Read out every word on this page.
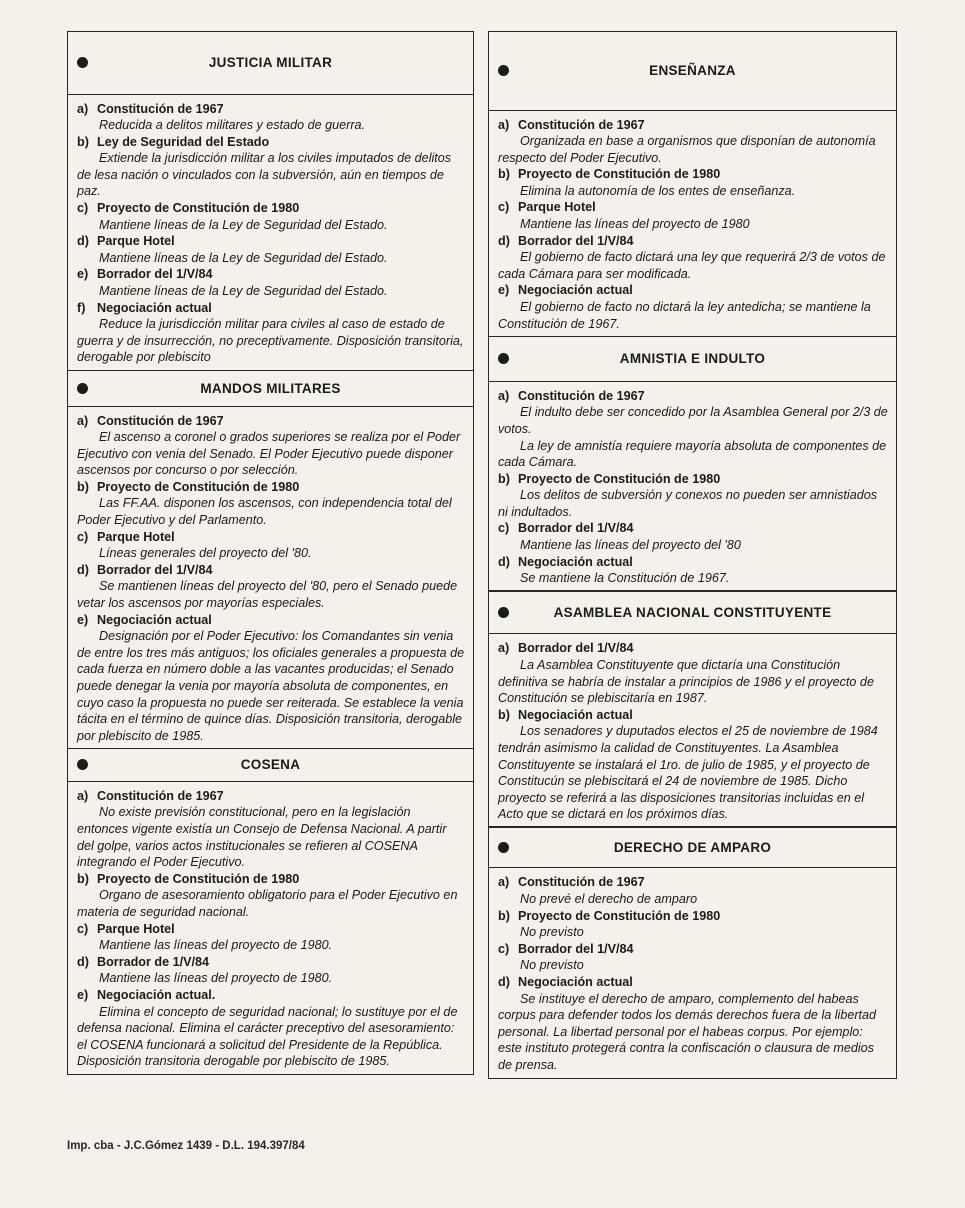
JUSTICIA MILITAR
a) Constitución de 1967

Reducida a delitos militares y estado de guerra.

b) Ley de Seguridad del Estado

Extiende la jurisdicción militar a los civiles imputados de delitos de lesa nación o vinculados con la subversión, aún en tiempos de paz.

c) Proyecto de Constitución de 1980

Mantiene líneas de la Ley de Seguridad del Estado.

d) Parque Hotel

Mantiene líneas de la Ley de Seguridad del Estado.

e) Borrador del 1/V/84

Mantiene líneas de la Ley de Seguridad del Estado.

f) Negociación actual

Reduce la jurisdicción militar para civiles al caso de estado de guerra y de insurrección, no preceptivamente. Disposición transitoria, derogable por plebiscito

MANDOS MILITARES
a) Constitución de 1967

El ascenso a coronel o grados superiores se realiza por el Poder Ejecutivo con venia del Senado. El Poder Ejecutivo puede disponer ascensos por concurso o por selección.

b) Proyecto de Constitución de 1980

Las FF.AA. disponen los ascensos, con independencia total del Poder Ejecutivo y del Parlamento.

c) Parque Hotel

Líneas generales del proyecto del '80.

d) Borrador del 1/V/84

Se mantienen líneas del proyecto del '80, pero el Senado puede vetar los ascensos por mayorías especiales.

e) Negociación actual

Designación por el Poder Ejecutivo: los Comandantes sin venia de entre los tres más antiguos; los oficiales generales a propuesta de cada fuerza en número doble a las vacantes producidas; el Senado puede denegar la venia por mayoría absoluta de componentes, en cuyo caso la propuesta no puede ser reiterada. Se establece la venia tácita en el término de quince días. Disposición transitoria, derogable por plebiscito de 1985.

COSENA
a) Constitución de 1967

No existe previsión constitucional, pero en la legislación entonces vigente existía un Consejo de Defensa Nacional. A partir del golpe, varios actos institucionales se refieren al COSENA integrando el Poder Ejecutivo.

b) Proyecto de Constitución de 1980

Organo de asesoramiento obligatorio para el Poder Ejecutivo en materia de seguridad nacional.

c) Parque Hotel

Mantiene las líneas del proyecto de 1980.

d) Borrador de 1/V/84

Mantiene las líneas del proyecto de 1980.

e) Negociación actual.

Elimina el concepto de seguridad nacional; lo sustituye por el de defensa nacional. Elimina el carácter preceptivo del asesoramiento: el COSENA funcionará a solicitud del Presidente de la República. Disposición transitoria derogable por plebiscito de 1985.

ENSEÑANZA
a) Constitución de 1967

Organizada en base a organismos que disponían de autonomía respecto del Poder Ejecutivo.

b) Proyecto de Constitución de 1980

Elimina la autonomía de los entes de enseñanza.

c) Parque Hotel

Mantiene las líneas del proyecto de 1980

d) Borrador del 1/V/84

El gobierno de facto dictará una ley que requerirá 2/3 de votos de cada Cámara para ser modificada.

e) Negociación actual

El gobierno de facto no dictará la ley antedicha; se mantiene la Constitución de 1967.

AMNISTIA E INDULTO
a) Constitución de 1967

El indulto debe ser concedido por la Asamblea General por 2/3 de votos.

La ley de amnistía requiere mayoría absoluta de componentes de cada Cámara.

b) Proyecto de Constitución de 1980

Los delitos de subversión y conexos no pueden ser amnistiados ni indultados.

c) Borrador del 1/V/84

Mantiene las líneas del proyecto del '80

d) Negociación actual

Se mantiene la Constitución de 1967.

ASAMBLEA NACIONAL CONSTITUYENTE
a) Borrador del 1/V/84

La Asamblea Constituyente que dictaría una Constitución definitiva se habría de instalar a principios de 1986 y el proyecto de Constitución se plebiscitaría en 1987.

b) Negociación actual

Los senadores y duputados electos el 25 de noviembre de 1984 tendrán asimismo la calidad de Constituyentes. La Asamblea Constituyente se instalará el 1ro. de julio de 1985, y el proyecto de Constitucún se plebiscitará el 24 de noviembre de 1985. Dicho proyecto se referirá a las disposiciones transitorias incluidas en el Acto que se dictará en los próximos días.

DERECHO DE AMPARO
a) Constitución de 1967

No prevé el derecho de amparo

b) Proyecto de Constitución de 1980

No previsto

c) Borrador del 1/V/84

No previsto

d) Negociación actual

Se instituye el derecho de amparo, complemento del habeas corpus para defender todos los demás derechos fuera de la libertad personal. La libertad personal por el habeas corpus. Por ejemplo: este instituto protegerá contra la confiscación o clausura de medios de prensa.

Imp. cba - J.C.Gómez 1439 - D.L. 194.397/84
